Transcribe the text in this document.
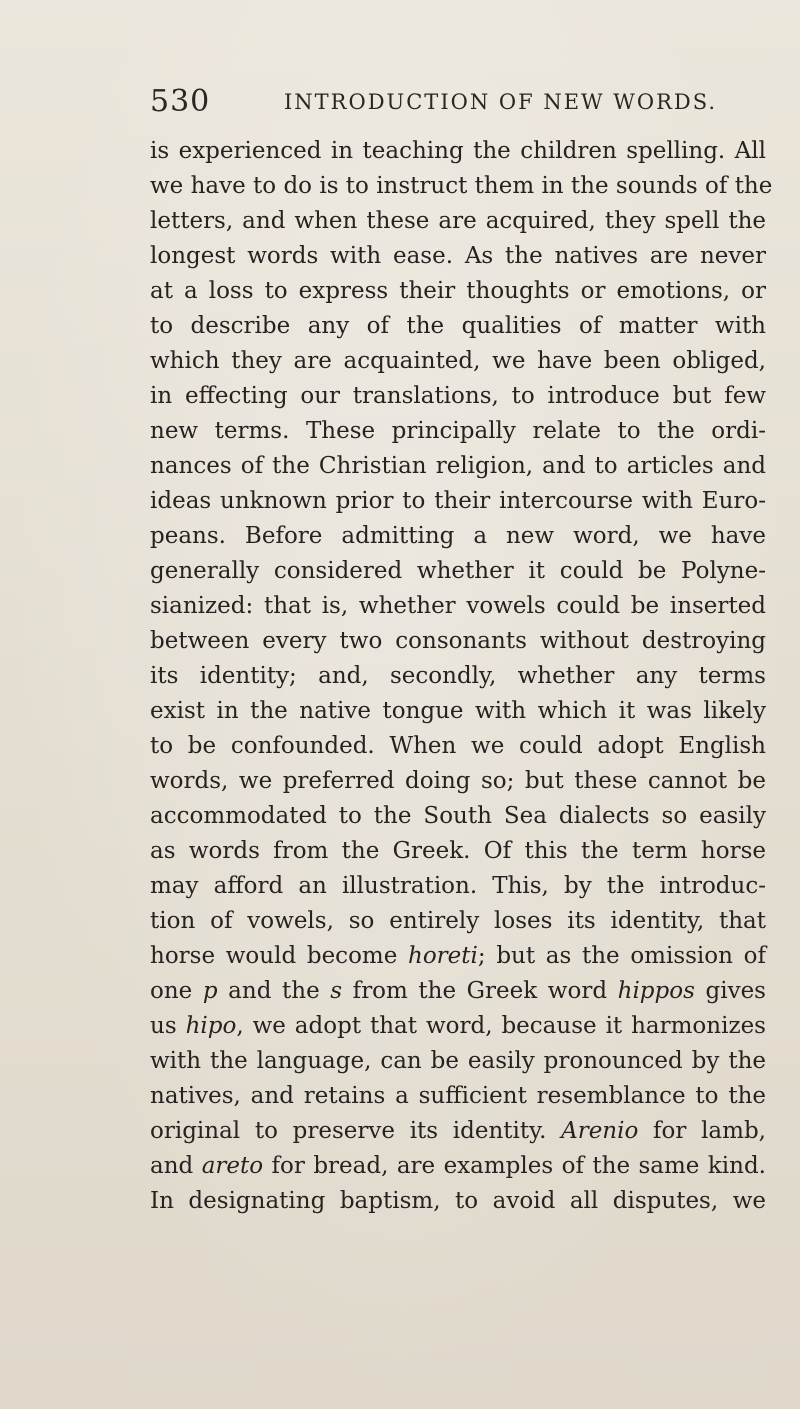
530	INTRODUCTION OF NEW WORDS.
is experienced in teaching the children spelling. All
we have to do is to instruct them in the sounds of the
letters, and when these are acquired, they spell the
longest words with ease. As the natives are never
at a loss to express their thoughts or emotions, or
to describe any of the qualities of matter with
which they are acquainted, we have been obliged,
in effecting our translations, to introduce but few
new terms. These principally relate to the ordi-
nances of the Christian religion, and to articles and
ideas unknown prior to their intercourse with Euro-
peans. Before admitting a new word, we have
generally considered whether it could be Polyne-
sianized: that is, whether vowels could be inserted
between every two consonants without destroying
its identity; and, secondly, whether any terms
exist in the native tongue with which it was likely
to be confounded. When we could adopt English
words, we preferred doing so; but these cannot be
accommodated to the South Sea dialects so easily
as words from the Greek. Of this the term horse
may afford an illustration. This, by the introduc-
tion of vowels, so entirely loses its identity, that
horse would become horeti; but as the omission of
one p and the s from the Greek word hippos gives
us hipo, we adopt that word, because it harmonizes
with the language, can be easily pronounced by the
natives, and retains a sufficient resemblance to the
original to preserve its identity. Arenio for lamb,
and areto for bread, are examples of the same kind.
In designating baptism, to avoid all disputes, we
